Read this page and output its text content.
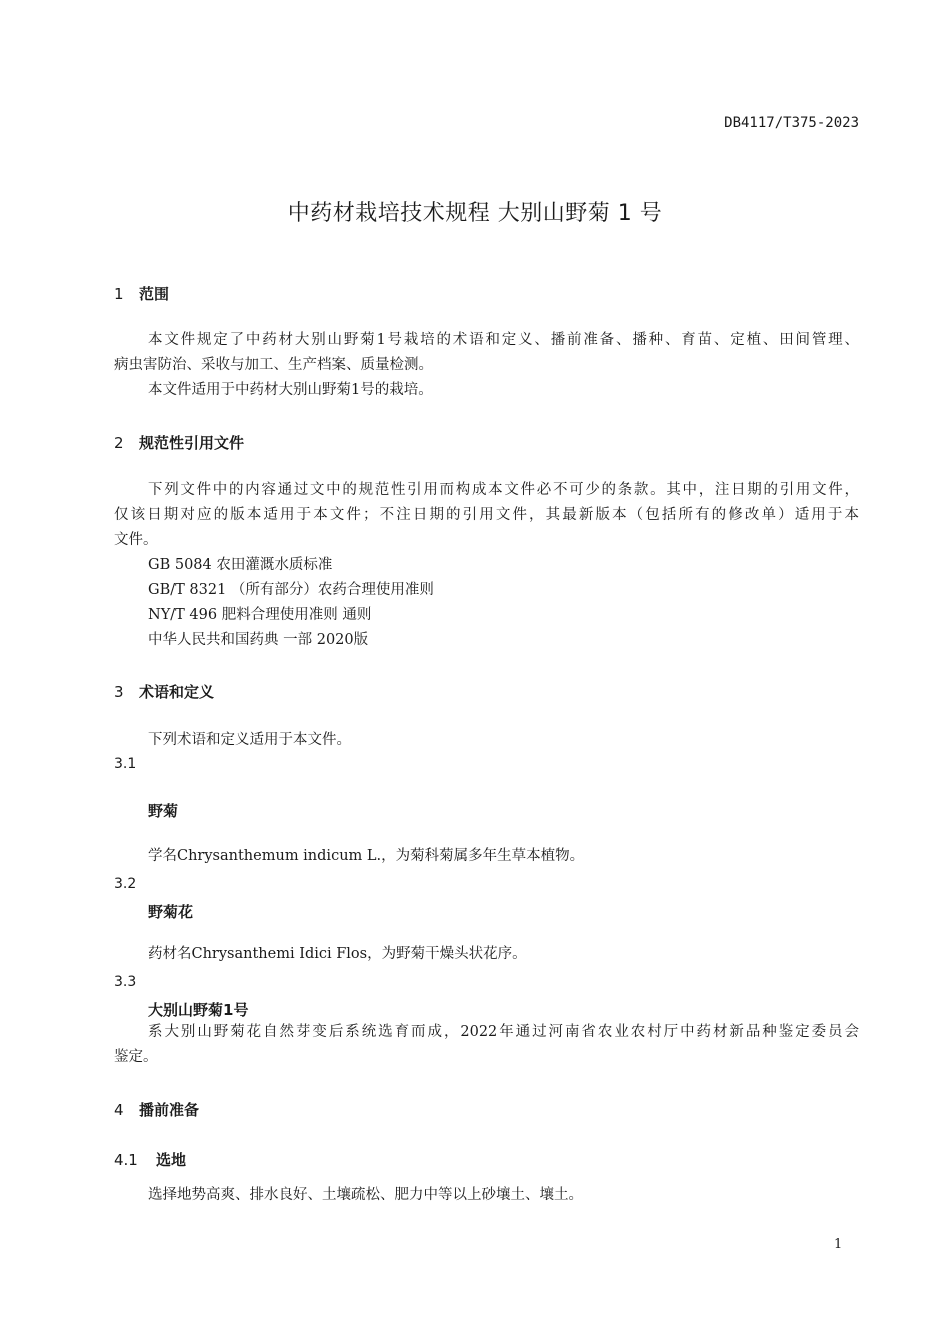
DB4117/T375-2023
中药材栽培技术规程 大别山野菊 1 号
1 范围
本文件规定了中药材大别山野菊1号栽培的术语和定义、播前准备、播种、育苗、定植、田间管理、
病虫害防治、采收与加工、生产档案、质量检测。
本文件适用于中药材大别山野菊1号的栽培。
2 规范性引用文件
下列文件中的内容通过文中的规范性引用而构成本文件必不可少的条款。其中，注日期的引用文件，
仅该日期对应的版本适用于本文件；不注日期的引用文件，其最新版本（包括所有的修改单）适用于本
文件。
GB 5084 农田灌溉水质标准
GB/T 8321 （所有部分）农药合理使用准则
NY/T 496 肥料合理使用准则 通则
中华人民共和国药典 一部 2020版
3 术语和定义
下列术语和定义适用于本文件。
3.1
野菊
学名Chrysanthemum indicum L.，为菊科菊属多年生草本植物。
3.2
野菊花
药材名Chrysanthemi Idici Flos，为野菊干燥头状花序。
3.3
大别山野菊1号
系大别山野菊花自然芽变后系统选育而成，2022年通过河南省农业农村厅中药材新品种鉴定委员会
鉴定。
4 播前准备
4.1 选地
选择地势高爽、排水良好、土壤疏松、肥力中等以上砂壤土、壤土。
1
